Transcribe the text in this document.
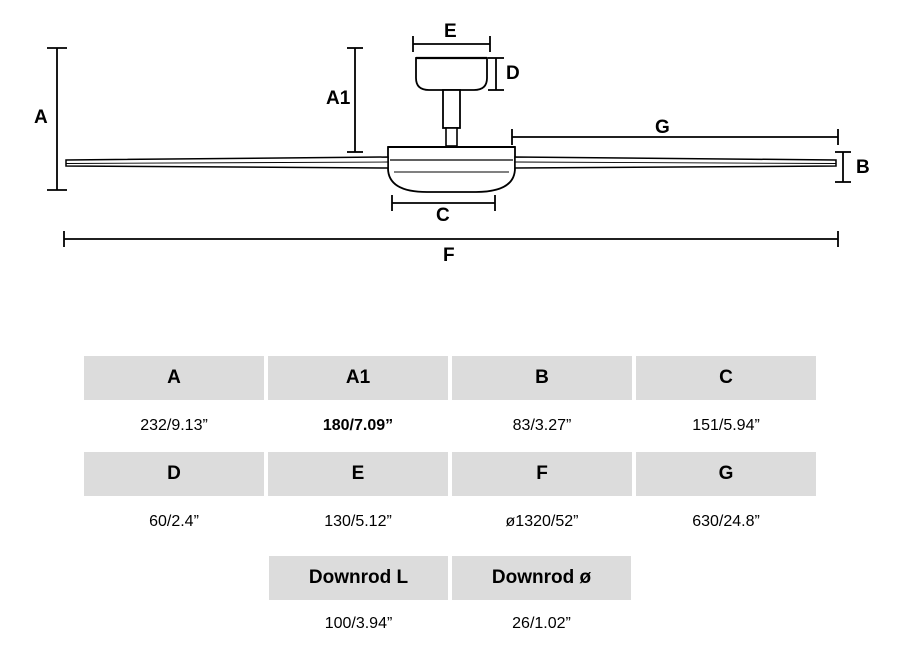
A
A1
E
D
G
B
C
F
A	A1	B	C
232/9.13”	180/7.09”	83/3.27”	151/5.94”
D	E	F	G
60/2.4”	130/5.12”	ø1320/52”	630/24.8”
Downrod L	Downrod ø
100/3.94”	26/1.02”
